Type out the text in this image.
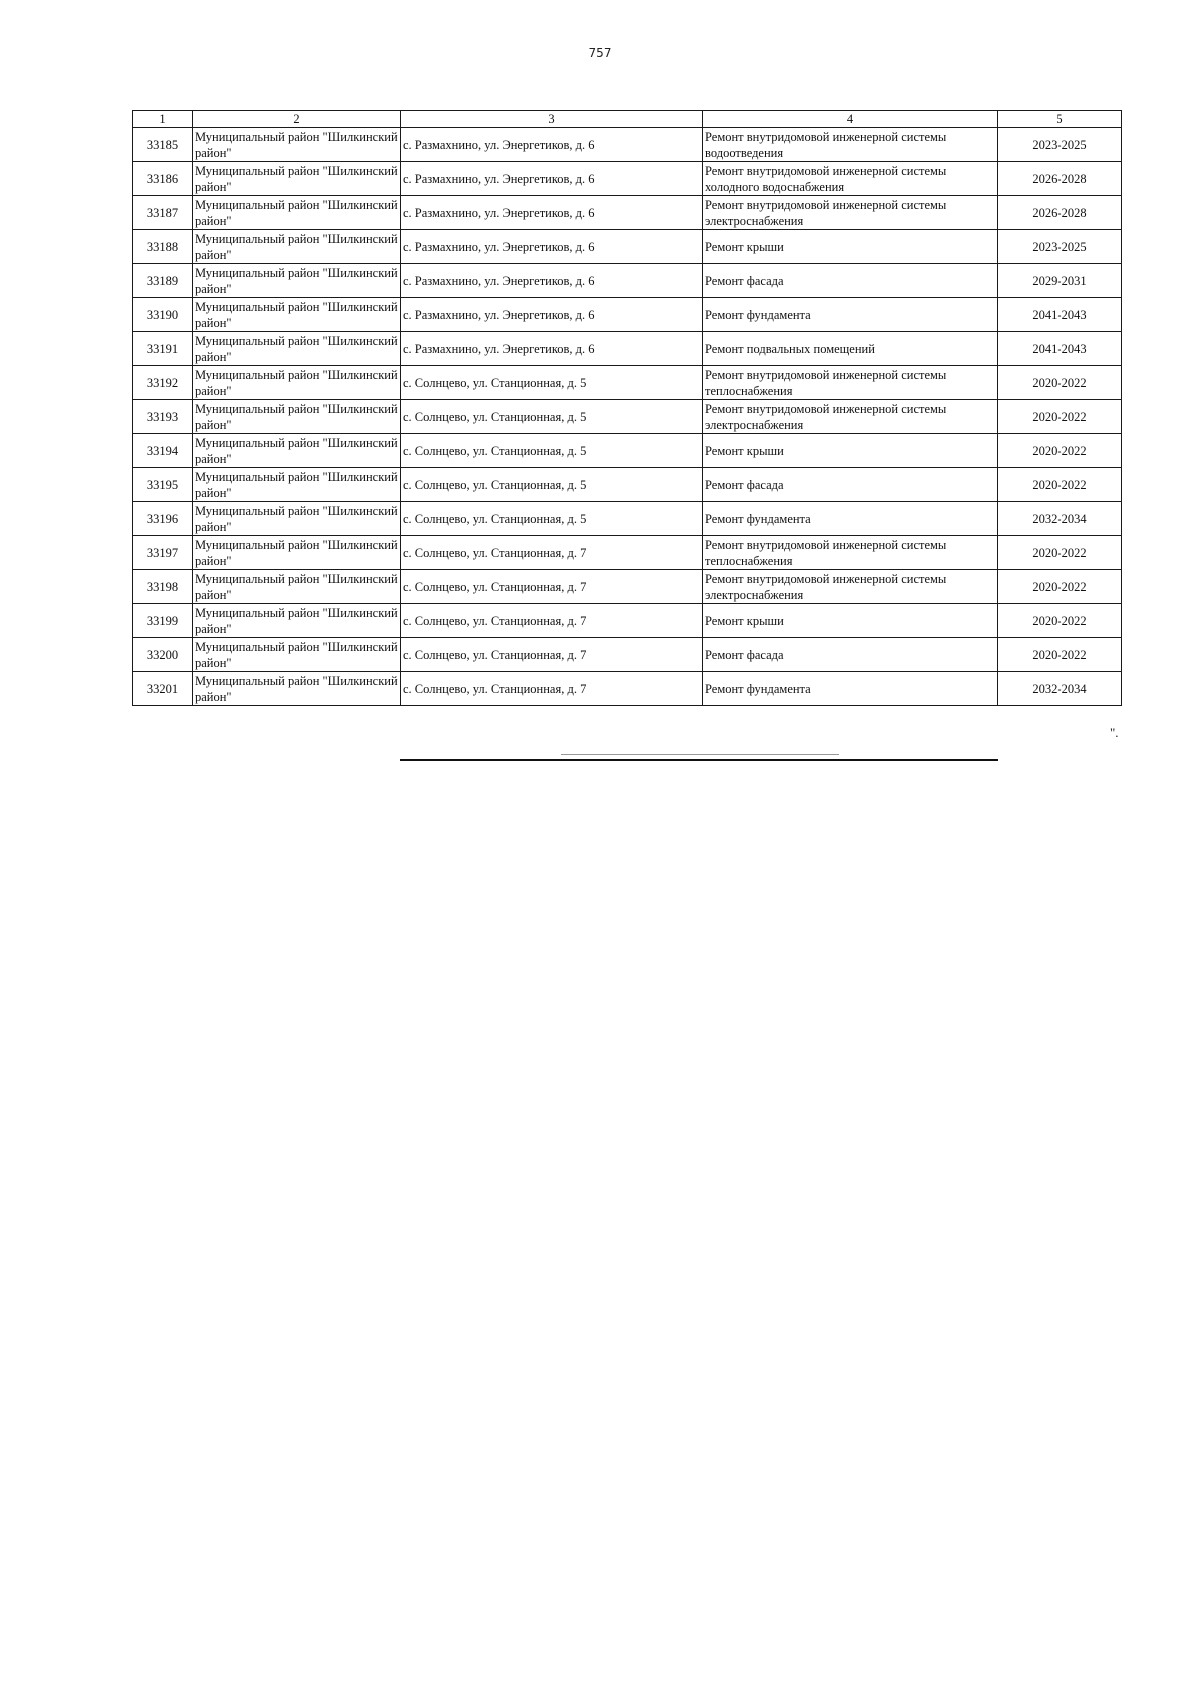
757
1	2	3	4	5
33185	Муниципальный район "Шилкинский район"	с. Размахнино, ул. Энергетиков, д. 6	Ремонт внутридомовой инженерной системы водоотведения	2023-2025
33186	Муниципальный район "Шилкинский район"	с. Размахнино, ул. Энергетиков, д. 6	Ремонт внутридомовой инженерной системы холодного водоснабжения	2026-2028
33187	Муниципальный район "Шилкинский район"	с. Размахнино, ул. Энергетиков, д. 6	Ремонт внутридомовой инженерной системы электроснабжения	2026-2028
33188	Муниципальный район "Шилкинский район"	с. Размахнино, ул. Энергетиков, д. 6	Ремонт крыши	2023-2025
33189	Муниципальный район "Шилкинский район"	с. Размахнино, ул. Энергетиков, д. 6	Ремонт фасада	2029-2031
33190	Муниципальный район "Шилкинский район"	с. Размахнино, ул. Энергетиков, д. 6	Ремонт фундамента	2041-2043
33191	Муниципальный район "Шилкинский район"	с. Размахнино, ул. Энергетиков, д. 6	Ремонт подвальных помещений	2041-2043
33192	Муниципальный район "Шилкинский район"	с. Солнцево, ул. Станционная, д. 5	Ремонт внутридомовой инженерной системы теплоснабжения	2020-2022
33193	Муниципальный район "Шилкинский район"	с. Солнцево, ул. Станционная, д. 5	Ремонт внутридомовой инженерной системы электроснабжения	2020-2022
33194	Муниципальный район "Шилкинский район"	с. Солнцево, ул. Станционная, д. 5	Ремонт крыши	2020-2022
33195	Муниципальный район "Шилкинский район"	с. Солнцево, ул. Станционная, д. 5	Ремонт фасада	2020-2022
33196	Муниципальный район "Шилкинский район"	с. Солнцево, ул. Станционная, д. 5	Ремонт фундамента	2032-2034
33197	Муниципальный район "Шилкинский район"	с. Солнцево, ул. Станционная, д. 7	Ремонт внутридомовой инженерной системы теплоснабжения	2020-2022
33198	Муниципальный район "Шилкинский район"	с. Солнцево, ул. Станционная, д. 7	Ремонт внутридомовой инженерной системы электроснабжения	2020-2022
33199	Муниципальный район "Шилкинский район"	с. Солнцево, ул. Станционная, д. 7	Ремонт крыши	2020-2022
33200	Муниципальный район "Шилкинский район"	с. Солнцево, ул. Станционная, д. 7	Ремонт фасада	2020-2022
33201	Муниципальный район "Шилкинский район"	с. Солнцево, ул. Станционная, д. 7	Ремонт фундамента	2032-2034
".
